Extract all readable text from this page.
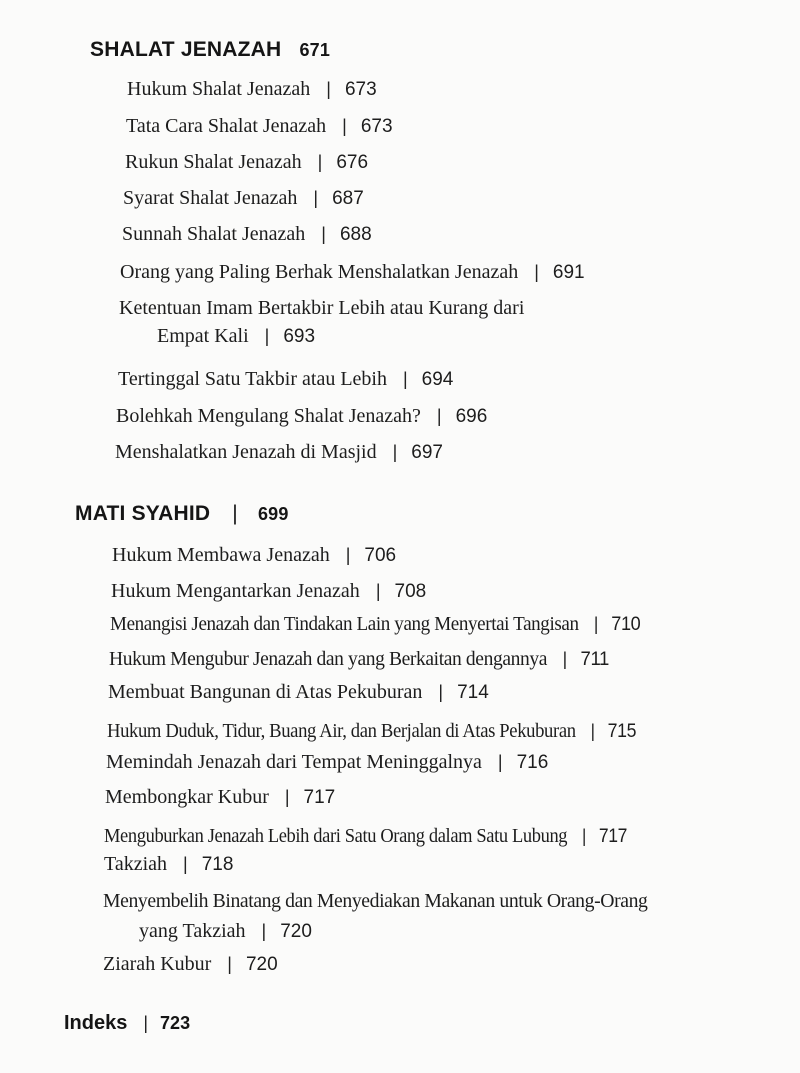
SHALAT JENAZAH 671
Hukum Shalat Jenazah | 673
Tata Cara Shalat Jenazah | 673
Rukun Shalat Jenazah | 676
Syarat Shalat Jenazah | 687
Sunnah Shalat Jenazah | 688
Orang yang Paling Berhak Menshalatkan Jenazah | 691
Ketentuan Imam Bertakbir Lebih atau Kurang dari
Empat Kali | 693
Tertinggal Satu Takbir atau Lebih | 694
Bolehkah Mengulang Shalat Jenazah? | 696
Menshalatkan Jenazah di Masjid | 697
MATI SYAHID | 699
Hukum Membawa Jenazah | 706
Hukum Mengantarkan Jenazah | 708
Menangisi Jenazah dan Tindakan Lain yang Menyertai Tangisan | 710
Hukum Mengubur Jenazah dan yang Berkaitan dengannya | 711
Membuat Bangunan di Atas Pekuburan | 714
Hukum Duduk, Tidur, Buang Air, dan Berjalan di Atas Pekuburan | 715
Memindah Jenazah dari Tempat Meninggalnya | 716
Membongkar Kubur | 717
Menguburkan Jenazah Lebih dari Satu Orang dalam Satu Lubung | 717
Takziah | 718
Menyembelih Binatang dan Menyediakan Makanan untuk Orang-Orang
yang Takziah | 720
Ziarah Kubur | 720
Indeks | 723
